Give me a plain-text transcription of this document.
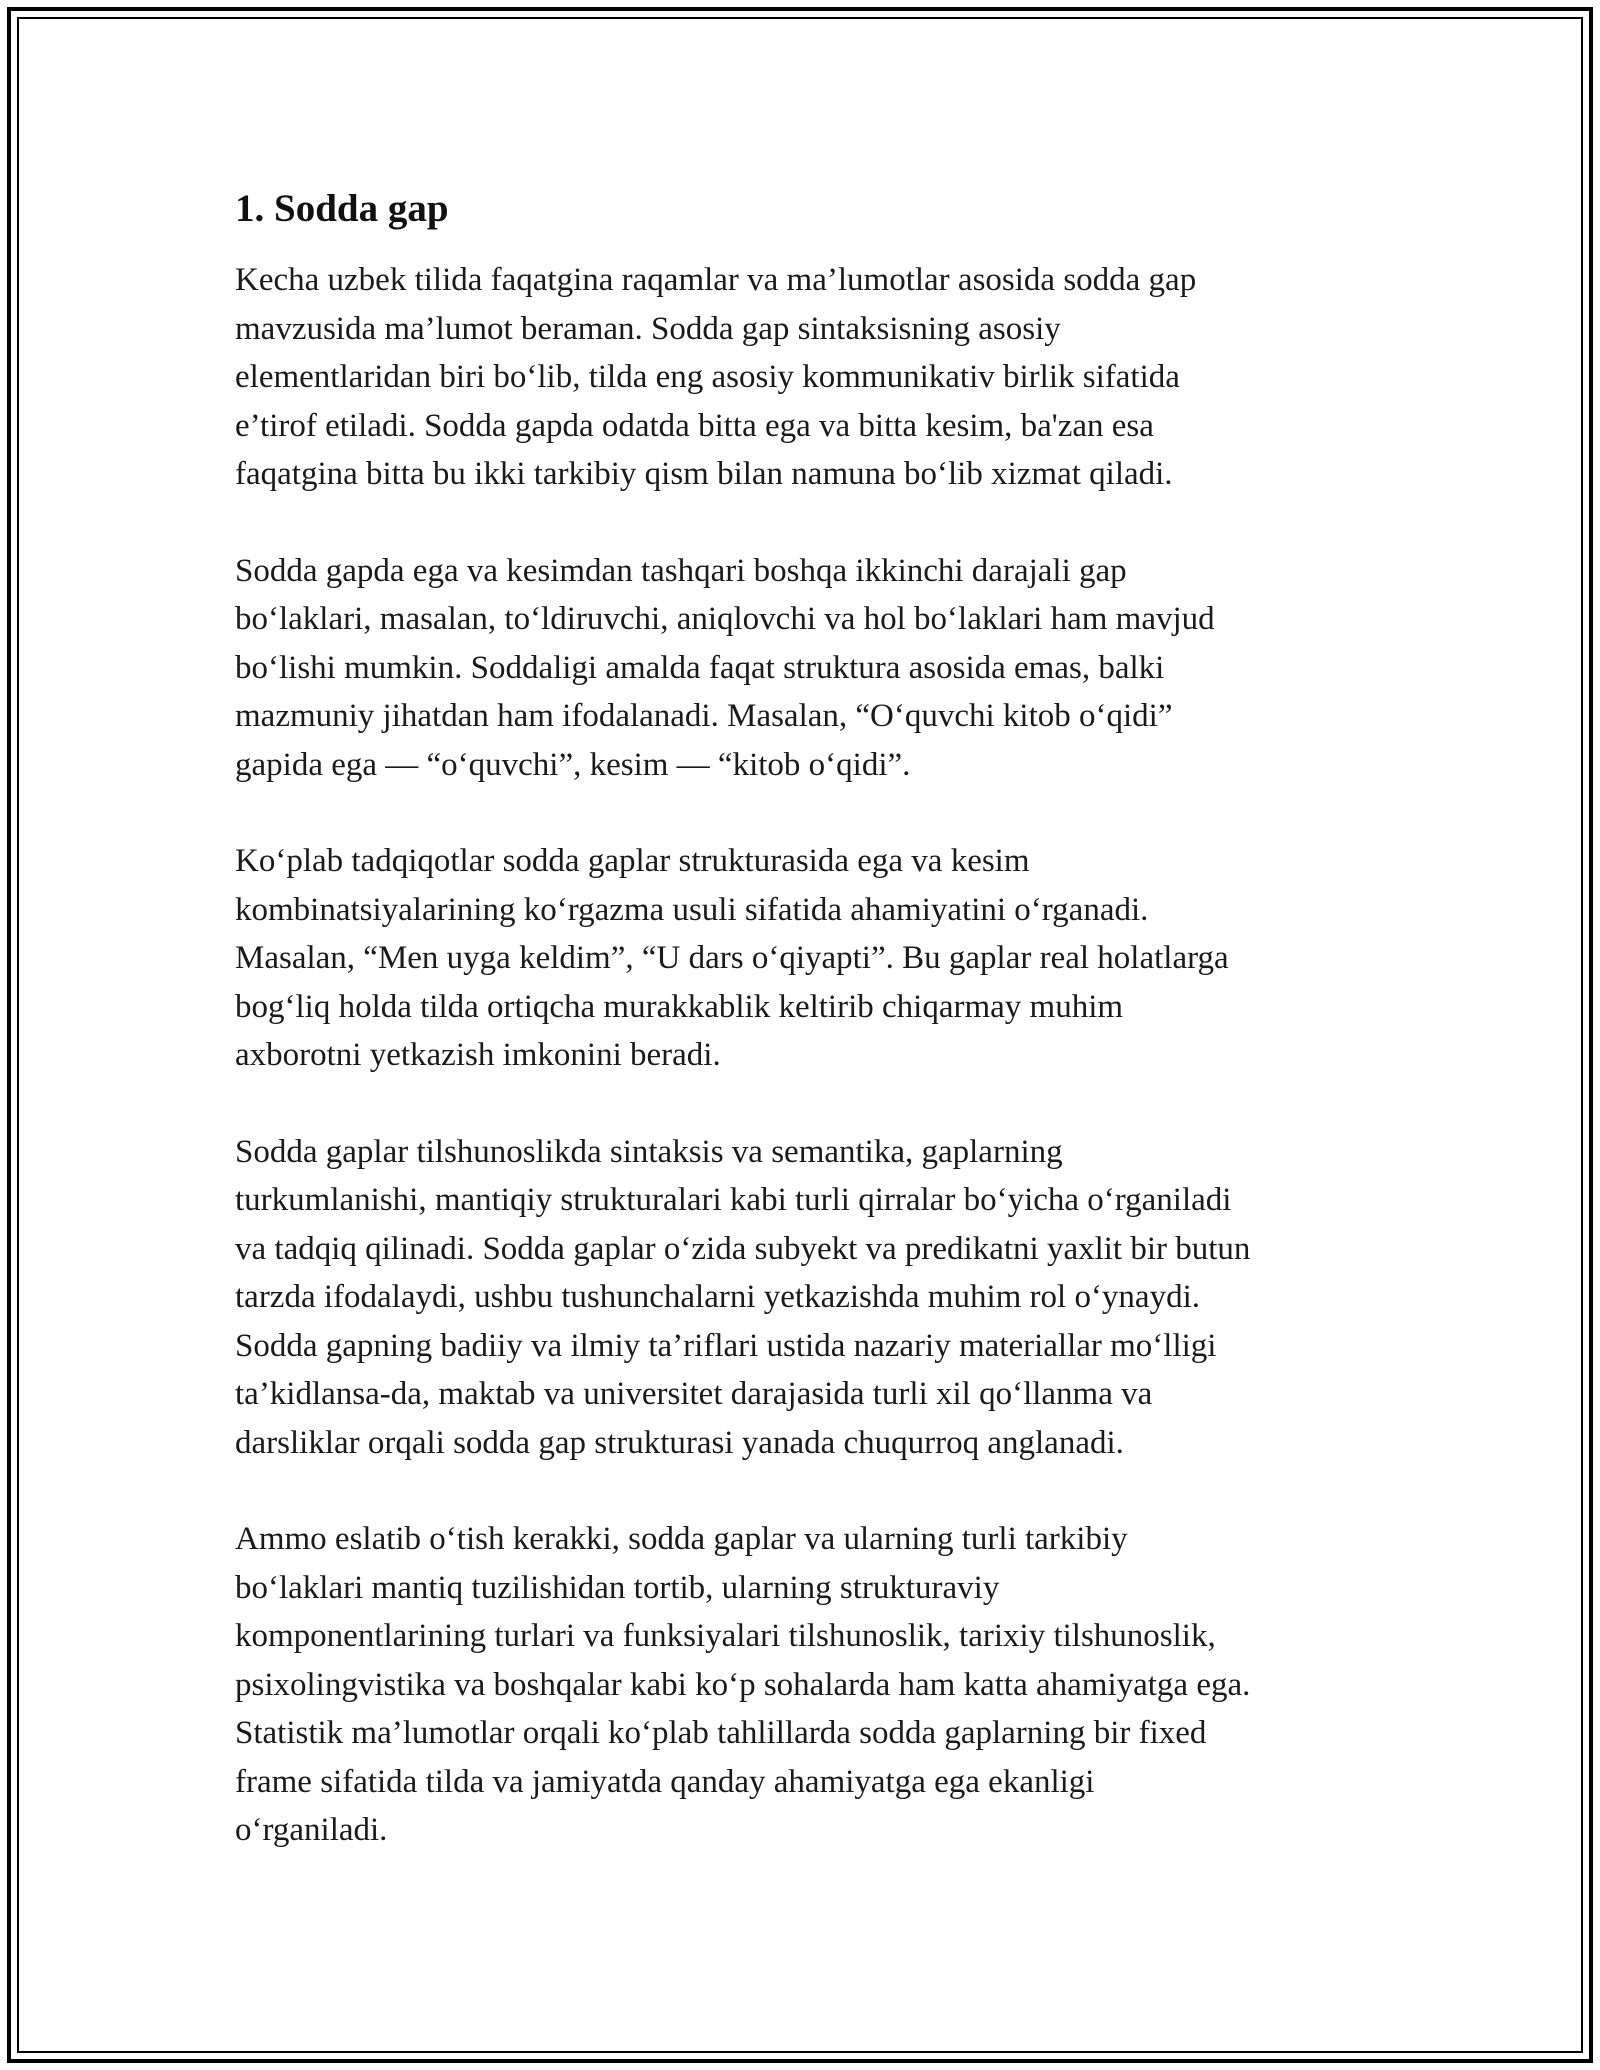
1. Sodda gap
Kecha uzbek tilida faqatgina raqamlar va ma’lumotlar asosida sodda gap
mavzusida ma’lumot beraman. Sodda gap sintaksisning asosiy
elementlaridan biri bo‘lib, tilda eng asosiy kommunikativ birlik sifatida
e’tirof etiladi. Sodda gapda odatda bitta ega va bitta kesim, ba'zan esa
faqatgina bitta bu ikki tarkibiy qism bilan namuna bo‘lib xizmat qiladi.
Sodda gapda ega va kesimdan tashqari boshqa ikkinchi darajali gap
bo‘laklari, masalan, to‘ldiruvchi, aniqlovchi va hol bo‘laklari ham mavjud
bo‘lishi mumkin. Soddaligi amalda faqat struktura asosida emas, balki
mazmuniy jihatdan ham ifodalanadi. Masalan, “O‘quvchi kitob o‘qidi”
gapida ega — “o‘quvchi”, kesim — “kitob o‘qidi”.
Ko‘plab tadqiqotlar sodda gaplar strukturasida ega va kesim
kombinatsiyalarining ko‘rgazma usuli sifatida ahamiyatini o‘rganadi.
Masalan, “Men uyga keldim”, “U dars o‘qiyapti”. Bu gaplar real holatlarga
bog‘liq holda tilda ortiqcha murakkablik keltirib chiqarmay muhim
axborotni yetkazish imkonini beradi.
Sodda gaplar tilshunoslikda sintaksis va semantika, gaplarning
turkumlanishi, mantiqiy strukturalari kabi turli qirralar bo‘yicha o‘rganiladi
va tadqiq qilinadi. Sodda gaplar o‘zida subyekt va predikatni yaxlit bir butun
tarzda ifodalaydi, ushbu tushunchalarni yetkazishda muhim rol o‘ynaydi.
Sodda gapning badiiy va ilmiy ta’riflari ustida nazariy materiallar mo‘lligi
ta’kidlansa-da, maktab va universitet darajasida turli xil qo‘llanma va
darsliklar orqali sodda gap strukturasi yanada chuqurroq anglanadi.
Ammo eslatib o‘tish kerakki, sodda gaplar va ularning turli tarkibiy
bo‘laklari mantiq tuzilishidan tortib, ularning strukturaviy
komponentlarining turlari va funksiyalari tilshunoslik, tarixiy tilshunoslik,
psixolingvistika va boshqalar kabi ko‘p sohalarda ham katta ahamiyatga ega.
Statistik ma’lumotlar orqali ko‘plab tahlillarda sodda gaplarning bir fixed
frame sifatida tilda va jamiyatda qanday ahamiyatga ega ekanligi
o‘rganiladi.
